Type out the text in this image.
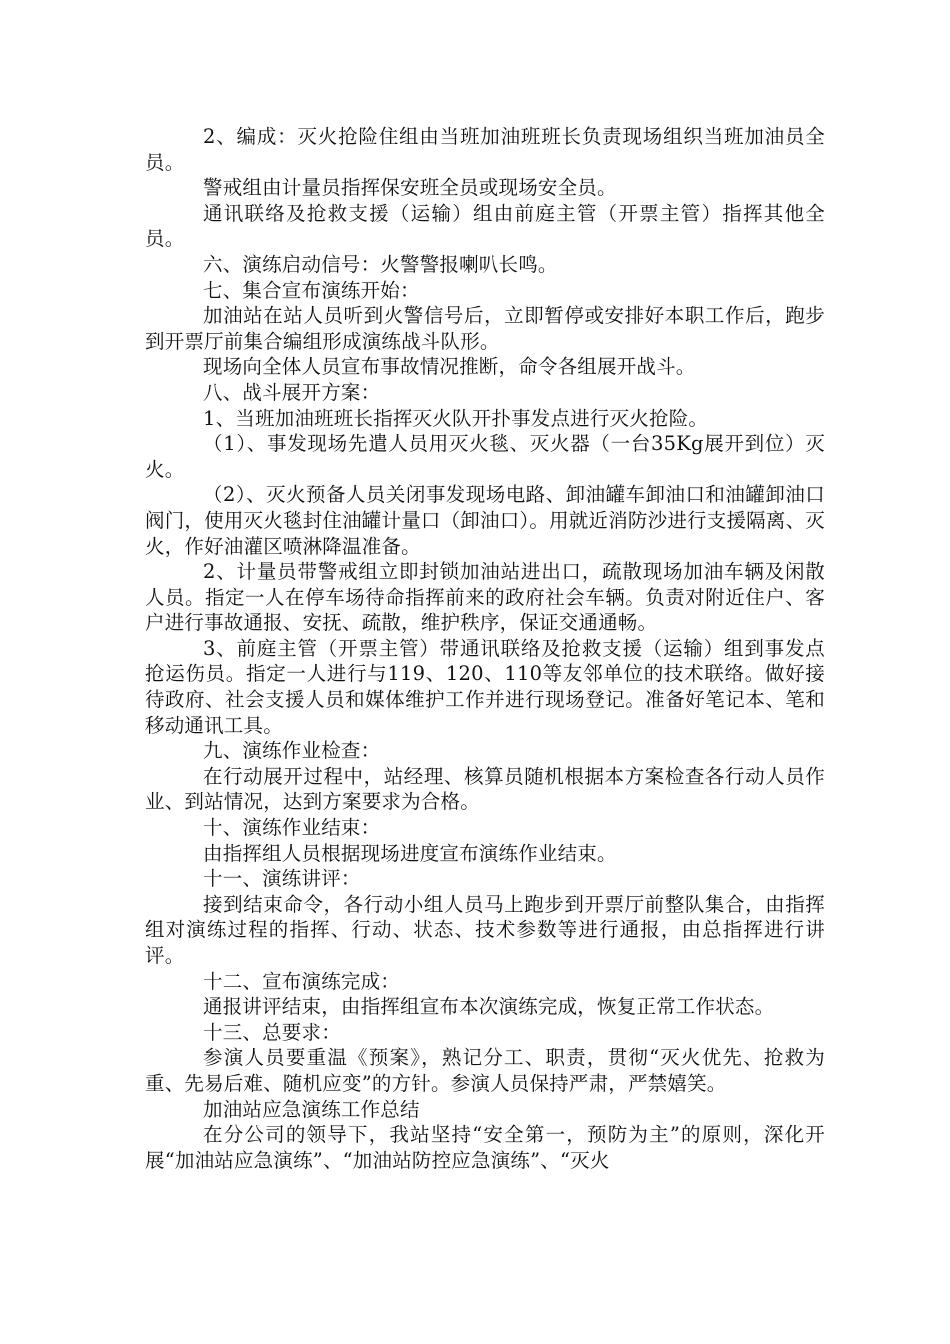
2、编成：灭火抢险住组由当班加油班班长负责现场组织当班加油员全员。

警戒组由计量员指挥保安班全员或现场安全员。

通讯联络及抢救支援（运输）组由前庭主管（开票主管）指挥其他全员。

六、演练启动信号：火警警报喇叭长鸣。

七、集合宣布演练开始：

加油站在站人员听到火警信号后，立即暂停或安排好本职工作后，跑步到开票厅前集合编组形成演练战斗队形。

现场向全体人员宣布事故情况推断，命令各组展开战斗。

八、战斗展开方案：

1、当班加油班班长指挥灭火队开扑事发点进行灭火抢险。

（1）、事发现场先遣人员用灭火毯、灭火器（一台35Kg展开到位）灭火。

（2）、灭火预备人员关闭事发现场电路、卸油罐车卸油口和油罐卸油口阀门，使用灭火毯封住油罐计量口（卸油口）。用就近消防沙进行支援隔离、灭火，作好油灌区喷淋降温准备。

2、计量员带警戒组立即封锁加油站进出口，疏散现场加油车辆及闲散人员。指定一人在停车场待命指挥前来的政府社会车辆。负责对附近住户、客户进行事故通报、安抚、疏散，维护秩序，保证交通通畅。

3、前庭主管（开票主管）带通讯联络及抢救支援（运输）组到事发点抢运伤员。指定一人进行与119、120、110等友邻单位的技术联络。做好接待政府、社会支援人员和媒体维护工作并进行现场登记。准备好笔记本、笔和移动通讯工具。

九、演练作业检查：

在行动展开过程中，站经理、核算员随机根据本方案检查各行动人员作业、到站情况，达到方案要求为合格。

十、演练作业结束：

由指挥组人员根据现场进度宣布演练作业结束。

十一、演练讲评：

接到结束命令，各行动小组人员马上跑步到开票厅前整队集合，由指挥组对演练过程的指挥、行动、状态、技术参数等进行通报，由总指挥进行讲评。

十二、宣布演练完成：

通报讲评结束，由指挥组宣布本次演练完成，恢复正常工作状态。

十三、总要求：

参演人员要重温《预案》，熟记分工、职责，贯彻“灭火优先、抢救为重、先易后难、随机应变”的方针。参演人员保持严肃，严禁嬉笑。

加油站应急演练工作总结

在分公司的领导下，我站坚持“安全第一，预防为主”的原则，深化开展“加油站应急演练”、“加油站防控应急演练”、“灭火
